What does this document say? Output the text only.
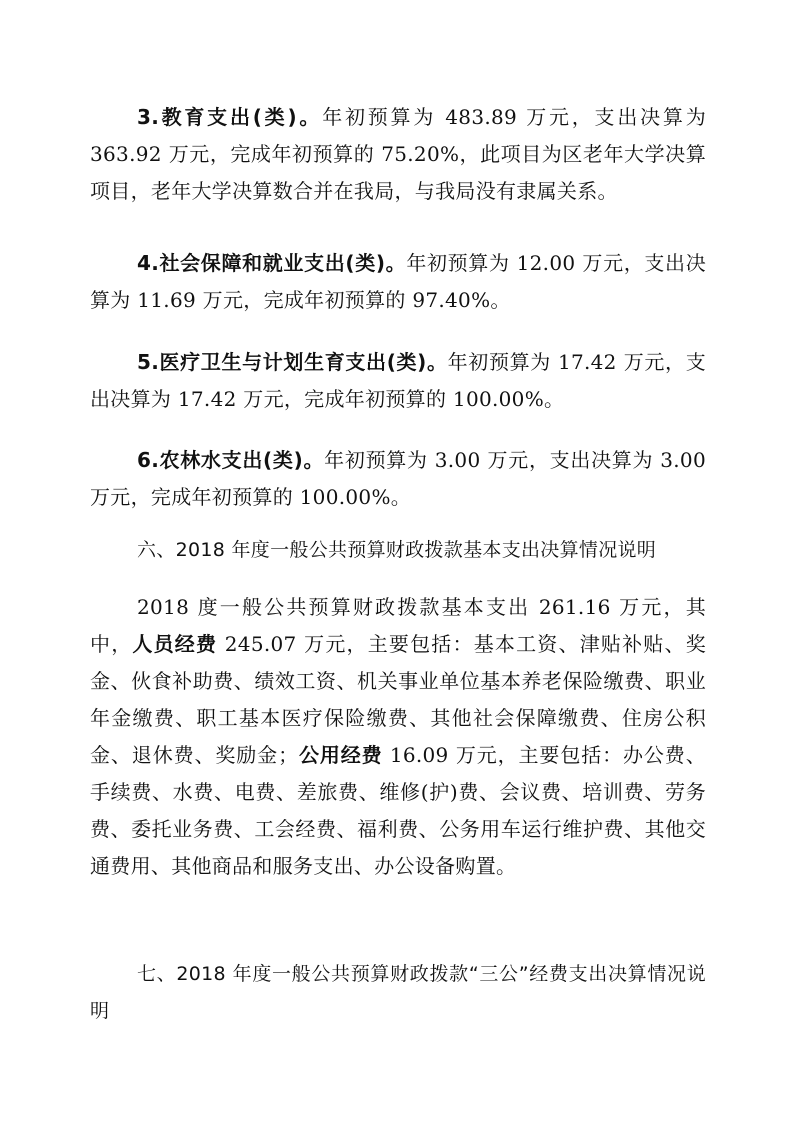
3.教育支出(类)。年初预算为 483.89 万元，支出决算为 363.92 万元，完成年初预算的 75.20%，此项目为区老年大学决算项目，老年大学决算数合并在我局，与我局没有隶属关系。

4.社会保障和就业支出(类)。年初预算为 12.00 万元，支出决算为 11.69 万元，完成年初预算的 97.40%。

5.医疗卫生与计划生育支出(类)。年初预算为 17.42 万元，支出决算为 17.42 万元，完成年初预算的 100.00%。

6.农林水支出(类)。年初预算为 3.00 万元，支出决算为 3.00 万元，完成年初预算的 100.00%。

六、2018 年度一般公共预算财政拨款基本支出决算情况说明

2018 度一般公共预算财政拨款基本支出 261.16 万元，其中，人员经费 245.07 万元，主要包括：基本工资、津贴补贴、奖金、伙食补助费、绩效工资、机关事业单位基本养老保险缴费、职业年金缴费、职工基本医疗保险缴费、其他社会保障缴费、住房公积金、退休费、奖励金；公用经费 16.09 万元，主要包括：办公费、手续费、水费、电费、差旅费、维修(护)费、会议费、培训费、劳务费、委托业务费、工会经费、福利费、公务用车运行维护费、其他交通费用、其他商品和服务支出、办公设备购置。

七、2018 年度一般公共预算财政拨款“三公”经费支出决算情况说明
